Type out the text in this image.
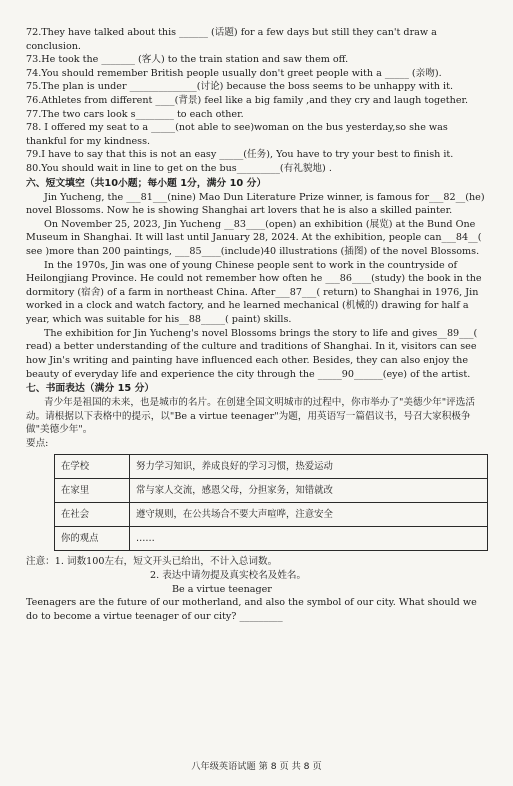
72.They have talked about this ______ (话题) for a few days but still they can't draw a conclusion.
73.He took the _______ (客人) to the train station and saw them off.
74.You should remember British people usually don't greet people with a _____ (亲吻).
75.The plan is under ______________(讨论) because the boss seems to be unhappy with it.
76.Athletes from different ____(背景) feel like a big family ,and they cry and laugh together.
77.The two cars look s________ to each other.
78. I offered my seat to a _____(not able to see)woman on the bus yesterday,so she was thankful for my kindness.
79.I have to say that this is not an easy _____(任务), You have to try your best to finish it.
80.You should wait in line to get on the bus_________(有礼貌地) .
六、短文填空（共10小题；每小题 1分，满分 10 分）
Jin Yucheng, the ___81___(nine) Mao Dun Literature Prize winner, is famous for___82__(he) novel Blossoms. Now he is showing Shanghai art lovers that he is also a skilled painter.
On November 25, 2023, Jin Yucheng __83____(open) an exhibition (展览) at the Bund One Museum in Shanghai. It will last until January 28, 2024. At the exhibition, people can___84__( see )more than 200 paintings, ___85____(include)40 illustrations (插图) of the novel Blossoms.
In the 1970s, Jin was one of young Chinese people sent to work in the countryside of Heilongjiang Province. He could not remember how often he ___86____(study) the book in the dormitory (宿舍) of a farm in northeast China. After___87___( return) to Shanghai in 1976, Jin worked in a clock and watch factory, and he learned mechanical (机械的) drawing for half a year, which was suitable for his__88_____( paint) skills.
The exhibition for Jin Yucheng's novel Blossoms brings the story to life and gives__89___( read) a better understanding of the culture and traditions of Shanghai. In it, visitors can see how Jin's writing and painting have influenced each other. Besides, they can also enjoy the beauty of everyday life and experience the city through the _____90______(eye) of the artist.
七、书面表达（满分 15 分）
青少年是祖国的未来，也是城市的名片。在创建全国文明城市的过程中，你市举办了"美德少年"评选活动。请根据以下表格中的提示，以"Be a virtue teenager"为题，用英语写一篇倡议书，号召大家积极争做"美德少年"。
要点:
在学校	努力学习知识，养成良好的学习习惯，热爱运动
在家里	常与家人交流，感恩父母，分担家务，知错就改
在社会	遵守规则，在公共场合不要大声喧哗，注意安全
你的观点	……
注意：1. 词数100左右，短文开头已给出，不计入总词数。
2. 表达中请勿提及真实校名及姓名。
Be a virtue teenager
Teenagers are the future of our motherland, and also the symbol of our city. What should we do to become a virtue teenager of our city? _________
八年级英语试题 第 8 页 共 8 页
